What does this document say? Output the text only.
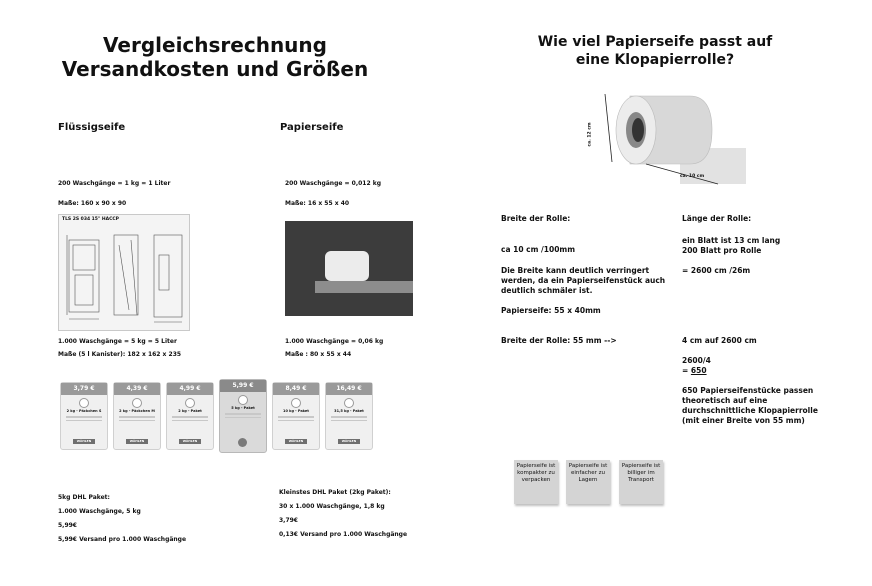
Vergleichsrechnung
Versandkosten und Größen
Flüssigseife	Papierseife
200 Waschgänge = 1 kg = 1 Liter
Maße: 160 x 90 x 90
200 Waschgänge = 0,012 kg
Maße: 16 x 55 x 40
TLS 2S 034 15" HACCP
1.000 Waschgänge = 5 kg = 5 Liter
Maße (5 l Kanister): 182 x 162 x 235
1.000 Waschgänge = 0,06 kg
Maße : 80 x 55 x 44
3,79 €
2 kg - Päckchen S
WÄHLEN
4,39 €
2 kg - Päckchen M
WÄHLEN
4,99 €
2 kg - Paket
WÄHLEN
5,99 €
5 kg - Paket
8,49 €
10 kg - Paket
WÄHLEN
16,49 €
31,5 kg - Paket
WÄHLEN
5kg DHL Paket:
1.000 Waschgänge, 5 kg
5,99€
5,99€ Versand pro 1.000 Waschgänge
Kleinstes DHL Paket (2kg Paket):
30 x 1.000 Waschgänge, 1,8 kg
3,79€
0,13€ Versand pro 1.000 Waschgänge
Wie viel Papierseife passt auf
eine Klopapierrolle?
ca. 12 cm
ca. 10 cm
Breite der Rolle:
ca 10 cm /100mm
Die Breite kann deutlich verringert werden, da ein Papierseifenstück auch deutlich schmäler ist.
Papierseife: 55 x 40mm
Breite der Rolle: 55 mm -->
Länge der Rolle:
ein Blatt ist 13 cm lang
200 Blatt pro Rolle
= 2600 cm /26m
4 cm auf 2600 cm
2600/4
= 650
650 Papierseifenstücke passen theoretisch auf eine durchschnittliche Klopapierrolle (mit einer Breite von 55 mm)
Papierseife ist kompakter zu verpacken
Papierseife ist einfacher zu Lagern
Papierseife ist billiger im Transport
